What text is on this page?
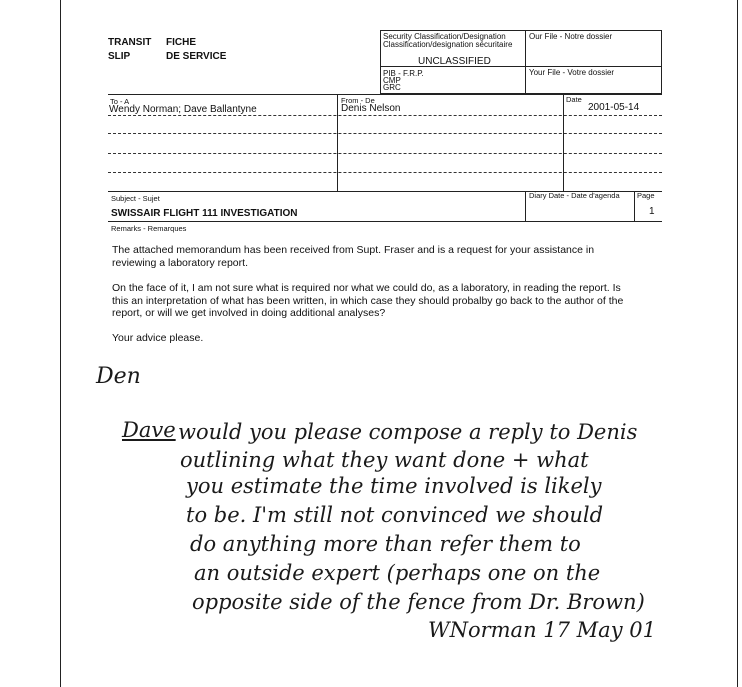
TRANSIT FICHE
SLIP	DE SERVICE
Security Classification/Designation
Classification/designation sécuritaire
UNCLASSIFIED
Our File - Notre dossier
PIB - F.R.P.
CMP
GRC
Your File - Votre dossier
To - A
Wendy Norman; Dave Ballantyne
From - De
Denis Nelson
Date
2001-05-14
Subject - Sujet
SWISSAIR FLIGHT 111 INVESTIGATION
Diary Date - Date d'agenda Page
1
Remarks - Remarques
The attached memorandum has been received from Supt. Fraser and is a request for your assistance in
reviewing a laboratory report.
On the face of it, I am not sure what is required nor what we could do, as a laboratory, in reading the report. Is
this an interpretation of what has been written, in which case they should probalby go back to the author of the
report, or will we get involved in doing additional analyses?
Your advice please.
Den
Dave would you please compose a reply to Denis
outlining what they want done + what
you estimate the time involved is likely
to be. I'm still not convinced we should
do anything more than refer them to
an outside expert (perhaps one on the
opposite side of the fence from Dr. Brown)
WNorman 17 May 01
